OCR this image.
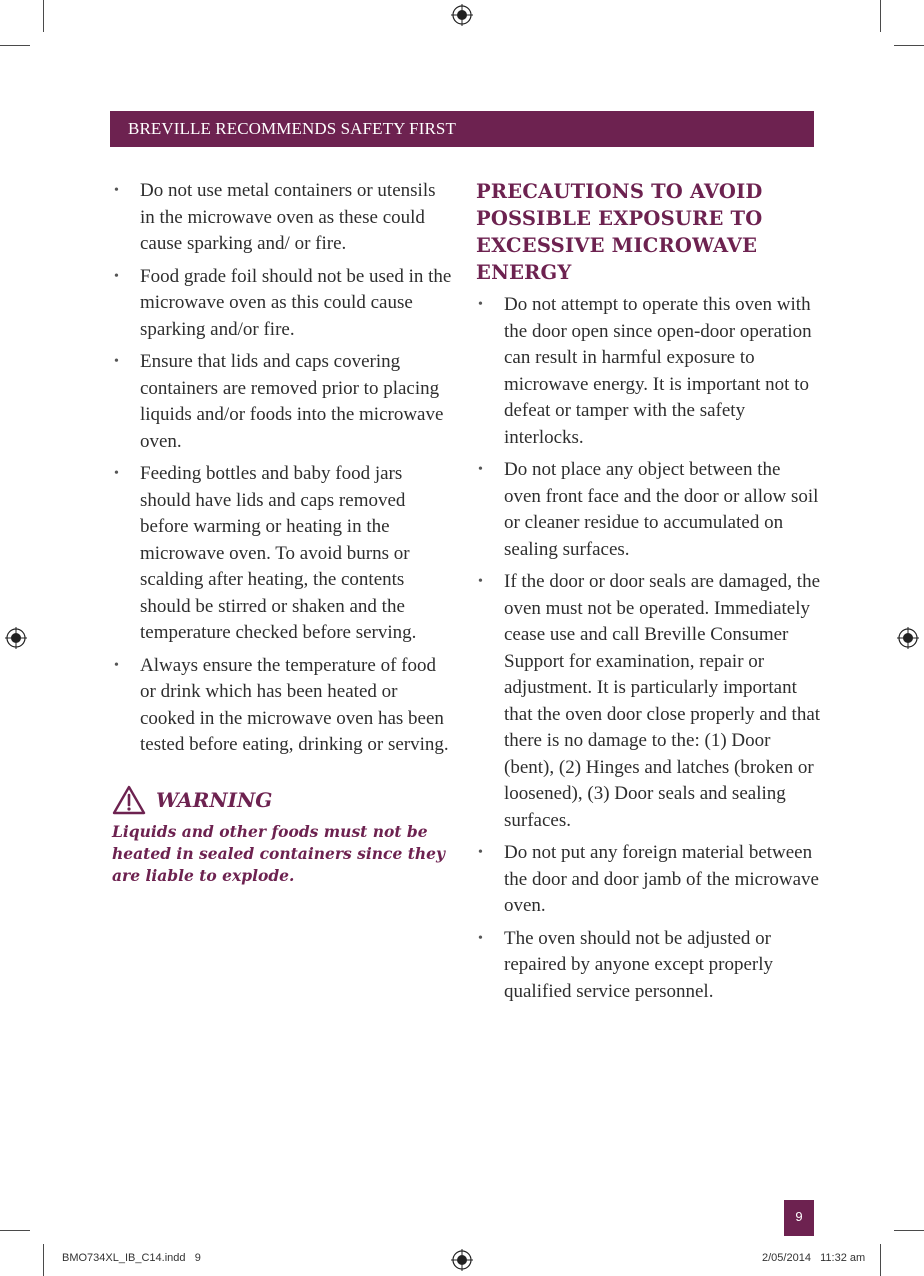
BREVILLE RECOMMENDS SAFETY FIRST
• Do not use metal containers or utensils in the microwave oven as these could cause sparking and/ or fire.
• Food grade foil should not be used in the microwave oven as this could cause sparking and/or fire.
• Ensure that lids and caps covering containers are removed prior to placing liquids and/or foods into the microwave oven.
• Feeding bottles and baby food jars should have lids and caps removed before warming or heating in the microwave oven. To avoid burns or scalding after heating, the contents should be stirred or shaken and the temperature checked before serving.
• Always ensure the temperature of food or drink which has been heated or cooked in the microwave oven has been tested before eating, drinking or serving.
WARNING
Liquids and other foods must not be heated in sealed containers since they are liable to explode.
PRECAUTIONS TO AVOID POSSIBLE EXPOSURE TO EXCESSIVE MICROWAVE ENERGY
• Do not attempt to operate this oven with the door open since open-door operation can result in harmful exposure to microwave energy. It is important not to defeat or tamper with the safety interlocks.
• Do not place any object between the oven front face and the door or allow soil or cleaner residue to accumulated on sealing surfaces.
• If the door or door seals are damaged, the oven must not be operated. Immediately cease use and call Breville Consumer Support for examination, repair or adjustment. It is particularly important that the oven door close properly and that there is no damage to the: (1) Door (bent), (2) Hinges and latches (broken or loosened), (3) Door seals and sealing surfaces.
• Do not put any foreign material between the door and door jamb of the microwave oven.
• The oven should not be adjusted or repaired by anyone except properly qualified service personnel.
9
BMO734XL_IB_C14.indd   9	2/05/2014   11:32 am
